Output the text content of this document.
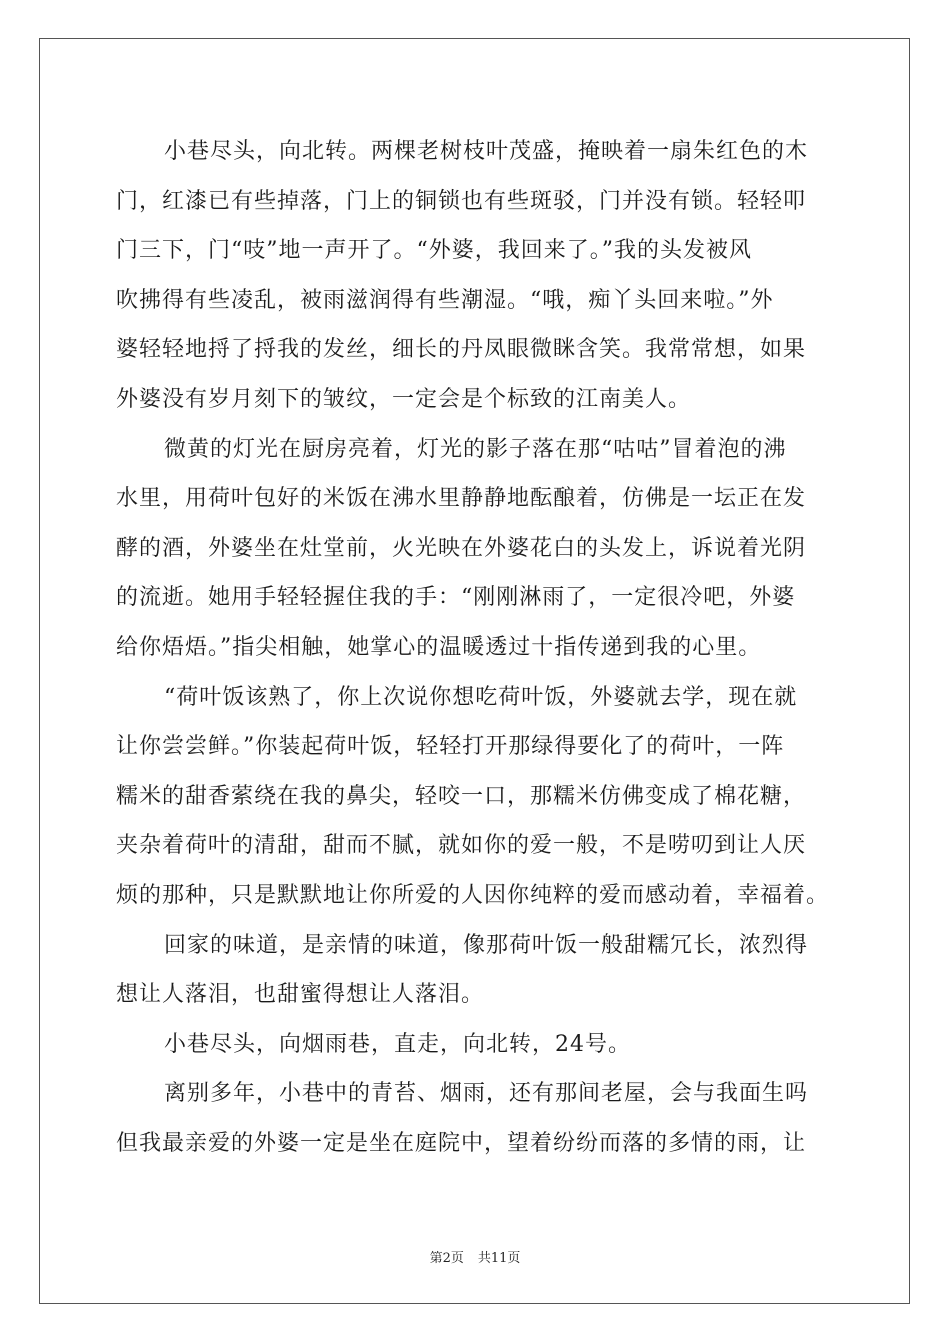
小巷尽头，向北转。两棵老树枝叶茂盛，掩映着一扇朱红色的木
门，红漆已有些掉落，门上的铜锁也有些斑驳，门并没有锁。轻轻叩
门三下，门“吱”地一声开了。“外婆，我回来了。”我的头发被风
吹拂得有些凌乱，被雨滋润得有些潮湿。“哦，痴丫头回来啦。”外
婆轻轻地捋了捋我的发丝，细长的丹凤眼微眯含笑。我常常想，如果
外婆没有岁月刻下的皱纹，一定会是个标致的江南美人。
微黄的灯光在厨房亮着，灯光的影子落在那“咕咕”冒着泡的沸
水里，用荷叶包好的米饭在沸水里静静地酝酿着，仿佛是一坛正在发
酵的酒，外婆坐在灶堂前，火光映在外婆花白的头发上，诉说着光阴
的流逝。她用手轻轻握住我的手：“刚刚淋雨了，一定很冷吧，外婆
给你焐焐。”指尖相触，她掌心的温暖透过十指传递到我的心里。
“荷叶饭该熟了，你上次说你想吃荷叶饭，外婆就去学，现在就
让你尝尝鲜。”你装起荷叶饭，轻轻打开那绿得要化了的荷叶，一阵
糯米的甜香萦绕在我的鼻尖，轻咬一口，那糯米仿佛变成了棉花糖，
夹杂着荷叶的清甜，甜而不腻，就如你的爱一般，不是唠叨到让人厌
烦的那种，只是默默地让你所爱的人因你纯粹的爱而感动着，幸福着。
回家的味道，是亲情的味道，像那荷叶饭一般甜糯冗长，浓烈得
想让人落泪，也甜蜜得想让人落泪。
小巷尽头，向烟雨巷，直走，向北转，24号。
离别多年，小巷中的青苔、烟雨，还有那间老屋，会与我面生吗
但我最亲爱的外婆一定是坐在庭院中，望着纷纷而落的多情的雨，让
第2页 共11页
